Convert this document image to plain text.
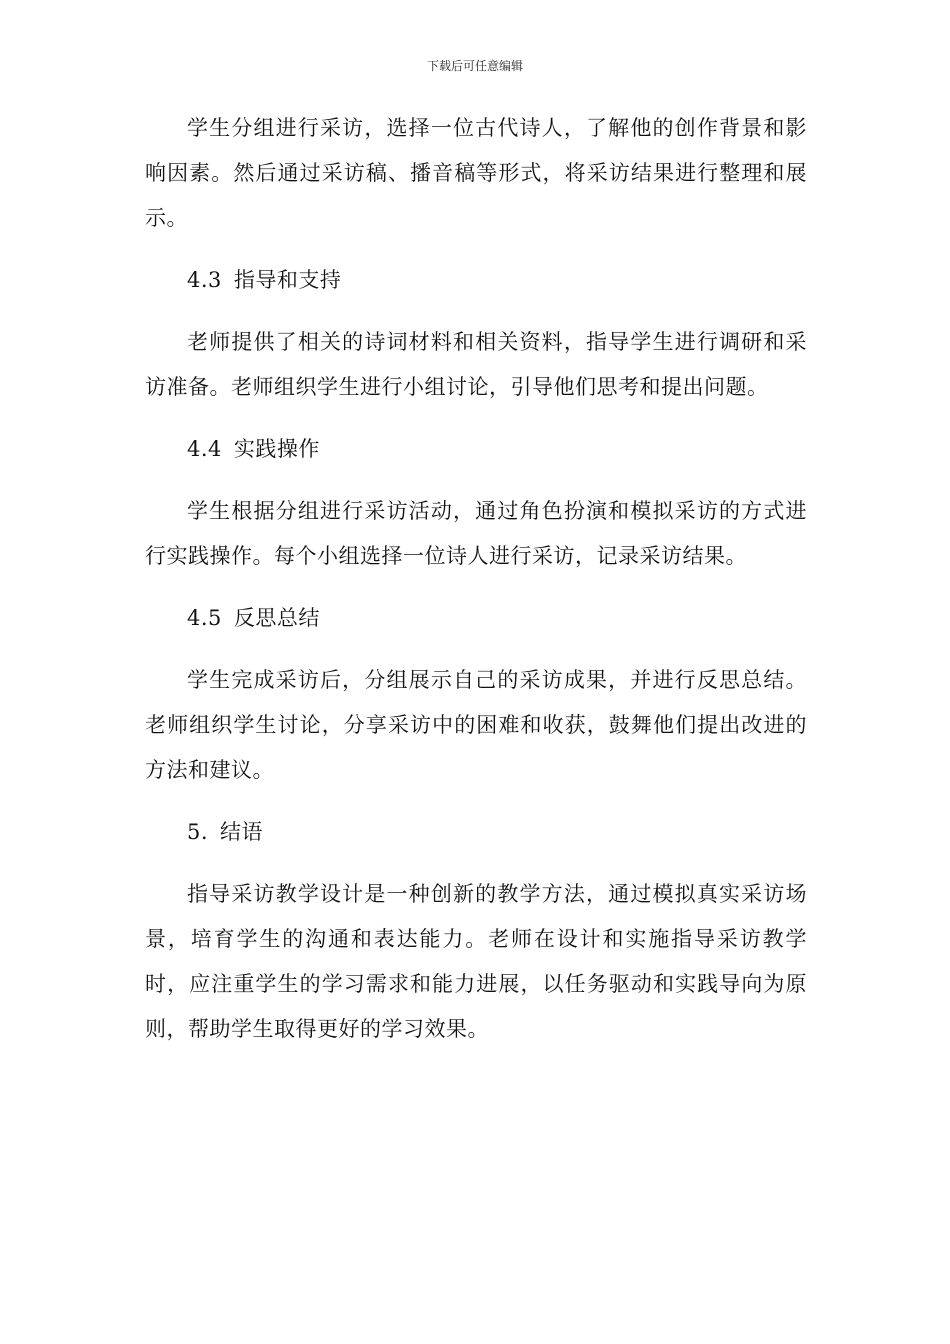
下载后可任意编辑

学生分组进行采访，选择一位古代诗人，了解他的创作背景和影响因素。然后通过采访稿、播音稿等形式，将采访结果进行整理和展示。

4.3 指导和支持

老师提供了相关的诗词材料和相关资料，指导学生进行调研和采访准备。老师组织学生进行小组讨论，引导他们思考和提出问题。

4.4 实践操作

学生根据分组进行采访活动，通过角色扮演和模拟采访的方式进行实践操作。每个小组选择一位诗人进行采访，记录采访结果。

4.5 反思总结

学生完成采访后，分组展示自己的采访成果，并进行反思总结。老师组织学生讨论，分享采访中的困难和收获，鼓舞他们提出改进的方法和建议。

5. 结语

指导采访教学设计是一种创新的教学方法，通过模拟真实采访场景，培育学生的沟通和表达能力。老师在设计和实施指导采访教学时，应注重学生的学习需求和能力进展，以任务驱动和实践导向为原则，帮助学生取得更好的学习效果。
